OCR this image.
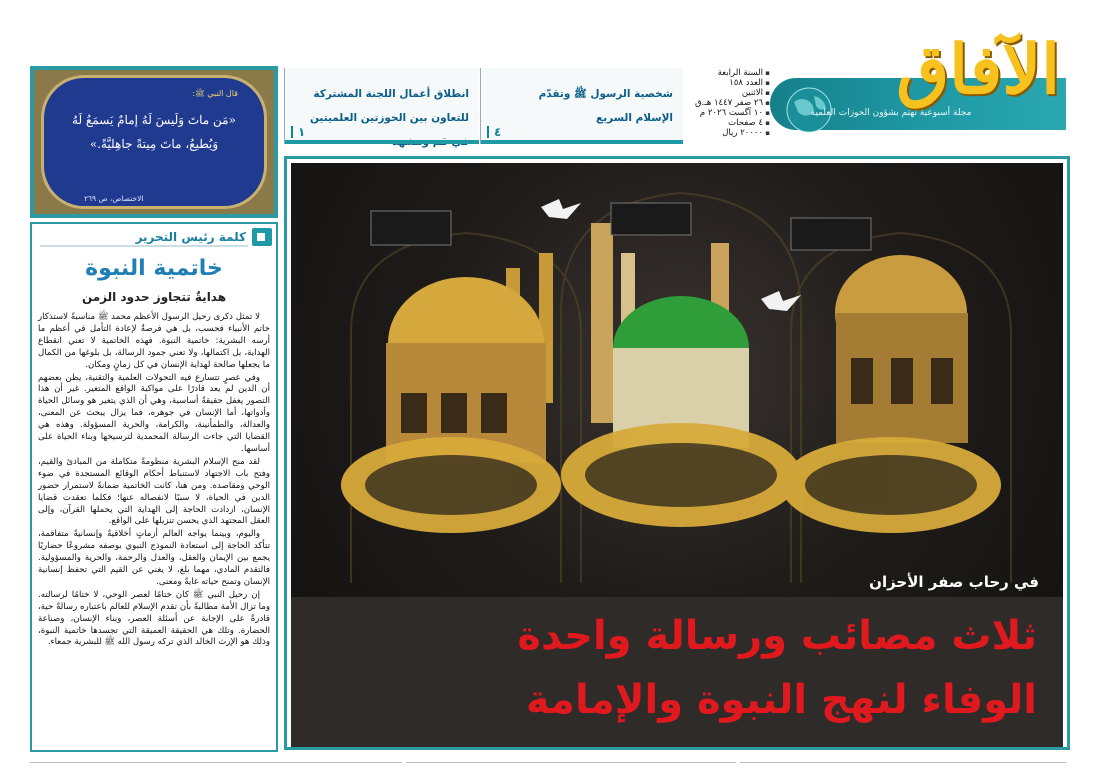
مجلة أسبوعية تهتم بشؤون الحوزات العلمية
الآفاق
▪ السنة الرابعة
▪ العدد ١٥٨
▪ الاثنين
▪ ٢٦ صفر ١٤٤٧ هـ.ق
▪ ١٠ آگست ٢٠٢٦ م
▪ ٤ صفحات
▪ ٢٠٠٠٠ ريال
شخصية الرسول ﷺ وتقدّم الإسلام السريع
٤
انطلاق أعمال اللجنة المشتركة للتعاون بين الحوزتين العلميتين
١
قال النبي ﷺ:
«مَن ماتَ وَلَيسَ لَهُ إمامٌ يَسمَعُ لَهُ وَيُطيعُ، ماتَ مِيتةً جاهِليَّةً.»
الاختصاص، ص ٢٦٩
كلمة رئيس التحرير
خاتمية النبوة
هدايةٌ تتجاوز حدود الزمن

لا تمثل ذكرى رحيل الرسول الأعظم محمد ﷺ مناسبةً لاستذكار خاتم الأنبياء فحسب، بل هي فرصةٌ لإعادة التأمل في أعظم ما أرسه البشرية: خاتمية النبوة. فهذه الخاتمية لا تعني انقطاع الهداية، بل اكتمالها، ولا تعني جمود الرسالة، بل بلوغها من الكمال ما يجعلها صالحة لهداية الإنسان في كل زمانٍ ومكان.

وفي عصرٍ تتسارع فيه التحولات العلمية والتقنية، يظن بعضهم أن الدين لم يعد قادرًا على مواكبة الواقع المتغير. غير أن هذا التصور يغفل حقيقةً أساسية، وهي أن الذي يتغير هو وسائل الحياة وأدواتها، أما الإنسان في جوهره، فما يزال يبحث عن المعنى، والعدالة، والطمأنينة، والكرامة، والحرية المسؤولة. وهذه هي القضايا التي جاءت الرسالة المحمدية لترسيخها وبناء الحياة على أساسها.

لقد منح الإسلام البشرية منظومةً متكاملة من المبادئ والقيم، وفتح باب الاجتهاد لاستنباط أحكام الوقائع المستجدة في ضوء الوحي ومقاصده. ومن هنا، كانت الخاتمية ضمانةً لاستمرار حضور الدين في الحياة، لا سببًا لانفصاله عنها؛ فكلما تعقدت قضايا الإنسان، ازدادت الحاجة إلى الهداية التي يحملها القرآن، وإلى العقل المجتهد الذي يحسن تنزيلها على الواقع.

واليوم، وبينما يواجه العالم أزماتٍ أخلاقيةً وإنسانيةً متفاقمة، تتأكد الحاجة إلى استعادة النموذج النبوي بوصفه مشروعًا حضاريًا يجمع بين الإيمان والعقل، والعدل والرحمة، والحرية والمسؤولية. فالتقدم المادي، مهما بلغ، لا يغني عن القيم التي تحفظ إنسانية الإنسان وتمنح حياته غايةً ومعنى.

إن رحيل النبي ﷺ كان ختامًا لعصر الوحي، لا ختامًا لرسالته. وما تزال الأمة مطالبةً بأن تقدم الإسلام للعالم باعتباره رسالةً حية، قادرةً على الإجابة عن أسئلة العصر، وبناء الإنسان، وصناعة الحضارة. وتلك هي الحقيقة العميقة التي تجسدها خاتمية النبوة، وذلك هو الإرث الخالد الذي تركه رسول الله ﷺ للبشرية جمعاء.

في رحاب صفر الأحزان
ثلاث مصائب ورسالة واحدة
الوفاء لنهج النبوة والإمامة
